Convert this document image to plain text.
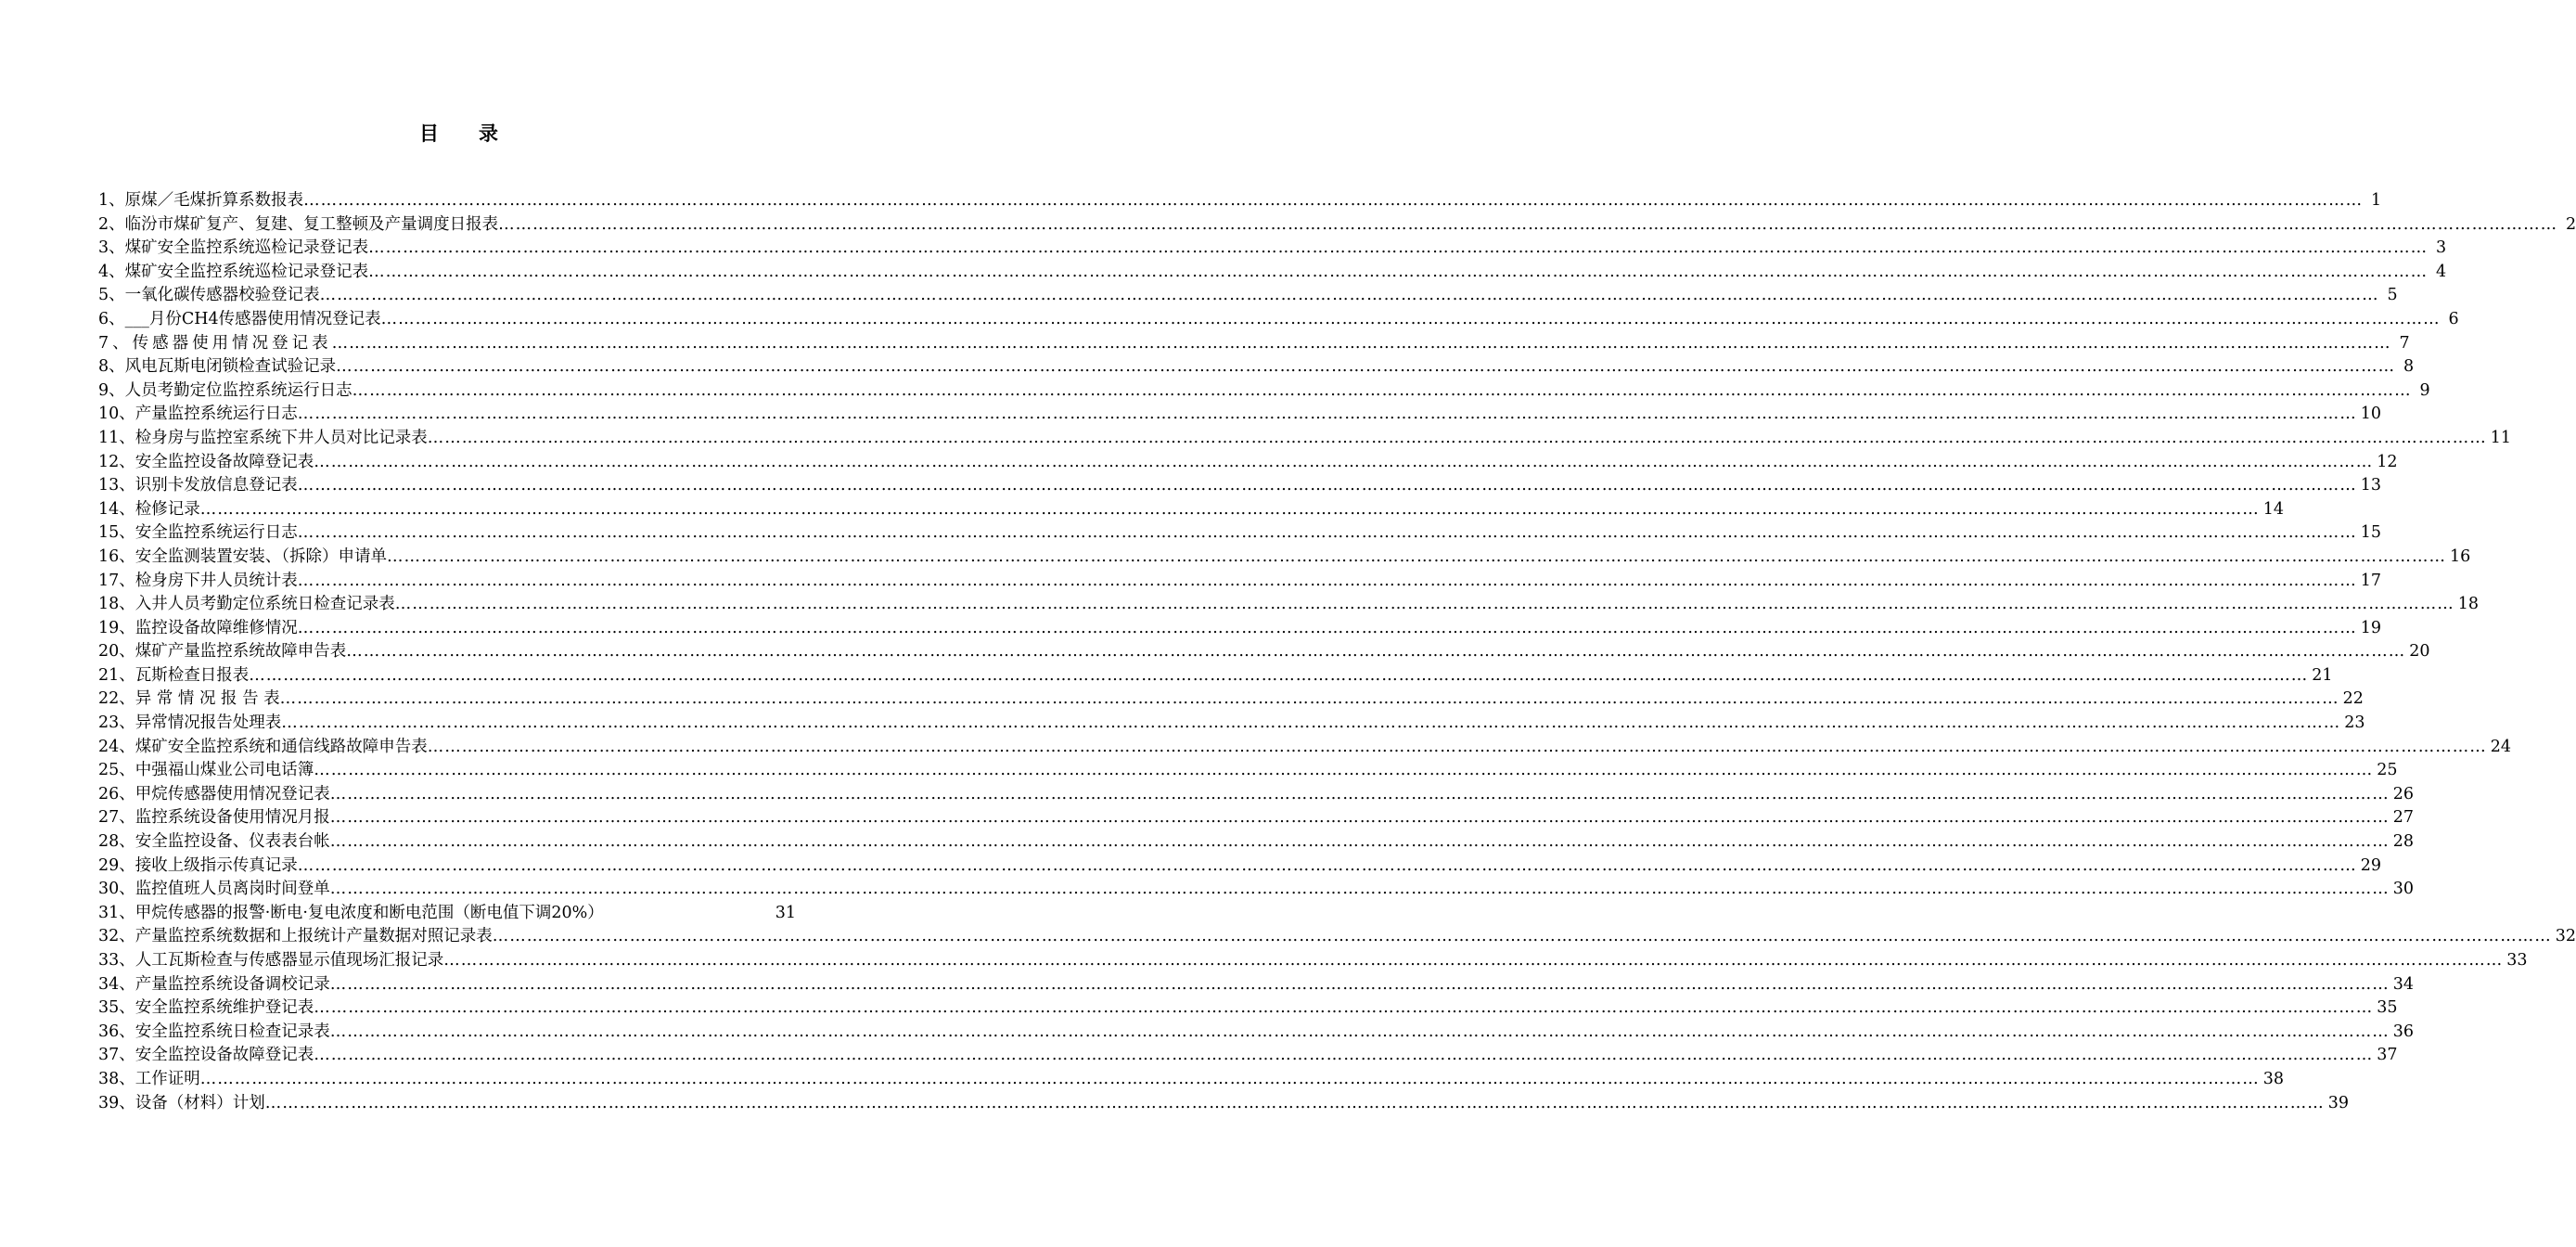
目 录
1、原煤／毛煤折算系数报表 ……………………………………………………………………………………………………………………………………………………………………………………………………………………………………………………………………………………………………………………………… 1
2、临汾市煤矿复产、复建、复工整顿及产量调度日报表 ……………………………………………………………………………………………………………………………………………………………………………………………………………………………………………………………………………………………………………………………… 2
3、煤矿安全监控系统巡检记录登记表 ……………………………………………………………………………………………………………………………………………………………………………………………………………………………………………………………………………………………………………………………… 3
4、煤矿安全监控系统巡检记录登记表 ……………………………………………………………………………………………………………………………………………………………………………………………………………………………………………………………………………………………………………………………… 4
5、一氧化碳传感器校验登记表 ……………………………………………………………………………………………………………………………………………………………………………………………………………………………………………………………………………………………………………………………… 5
6、___月份CH4传感器使用情况登记表 ……………………………………………………………………………………………………………………………………………………………………………………………………………………………………………………………………………………………………………………………… 6
7、传感器使用情况登记表 ……………………………………………………………………………………………………………………………………………………………………………………………………………………………………………………………………………………………………………………………… 7
8、风电瓦斯电闭锁检查试验记录 ……………………………………………………………………………………………………………………………………………………………………………………………………………………………………………………………………………………………………………………………… 8
9、人员考勤定位监控系统运行日志 ……………………………………………………………………………………………………………………………………………………………………………………………………………………………………………………………………………………………………………………………… 9
10、产量监控系统运行日志 ……………………………………………………………………………………………………………………………………………………………………………………………………………………………………………………………………………………………………………………………… 10
11、检身房与监控室系统下井人员对比记录表 ……………………………………………………………………………………………………………………………………………………………………………………………………………………………………………………………………………………………………………………………… 11
12、安全监控设备故障登记表 ……………………………………………………………………………………………………………………………………………………………………………………………………………………………………………………………………………………………………………………………… 12
13、识别卡发放信息登记表 ……………………………………………………………………………………………………………………………………………………………………………………………………………………………………………………………………………………………………………………………… 13
14、检修记录 ……………………………………………………………………………………………………………………………………………………………………………………………………………………………………………………………………………………………………………………………… 14
15、安全监控系统运行日志 ……………………………………………………………………………………………………………………………………………………………………………………………………………………………………………………………………………………………………………………………… 15
16、安全监测装置安装、（拆除）申请单 ……………………………………………………………………………………………………………………………………………………………………………………………………………………………………………………………………………………………………………………………… 16
17、检身房下井人员统计表 ……………………………………………………………………………………………………………………………………………………………………………………………………………………………………………………………………………………………………………………………… 17
18、入井人员考勤定位系统日检查记录表 ……………………………………………………………………………………………………………………………………………………………………………………………………………………………………………………………………………………………………………………………… 18
19、监控设备故障维修情况 ……………………………………………………………………………………………………………………………………………………………………………………………………………………………………………………………………………………………………………………………… 19
20、煤矿产量监控系统故障申告表 ……………………………………………………………………………………………………………………………………………………………………………………………………………………………………………………………………………………………………………………………… 20
21、瓦斯检查日报表 ……………………………………………………………………………………………………………………………………………………………………………………………………………………………………………………………………………………………………………………………… 21
22、异 常 情 况 报 告 表 ……………………………………………………………………………………………………………………………………………………………………………………………………………………………………………………………………………………………………………………………… 22
23、异常情况报告处理表 ……………………………………………………………………………………………………………………………………………………………………………………………………………………………………………………………………………………………………………………………… 23
24、煤矿安全监控系统和通信线路故障申告表 ……………………………………………………………………………………………………………………………………………………………………………………………………………………………………………………………………………………………………………………………… 24
25、中强福山煤业公司电话簿 ……………………………………………………………………………………………………………………………………………………………………………………………………………………………………………………………………………………………………………………………… 25
26、甲烷传感器使用情况登记表 ……………………………………………………………………………………………………………………………………………………………………………………………………………………………………………………………………………………………………………………………… 26
27、监控系统设备使用情况月报 ……………………………………………………………………………………………………………………………………………………………………………………………………………………………………………………………………………………………………………………………… 27
28、安全监控设备、仪表表台帐 ……………………………………………………………………………………………………………………………………………………………………………………………………………………………………………………………………………………………………………………………… 28
29、接收上级指示传真记录 ……………………………………………………………………………………………………………………………………………………………………………………………………………………………………………………………………………………………………………………………… 29
30、监控值班人员离岗时间登单 ……………………………………………………………………………………………………………………………………………………………………………………………………………………………………………………………………………………………………………………………… 30
31、甲烷传感器的报警·断电·复电浓度和断电范围（断电值下调20%）	31
32、产量监控系统数据和上报统计产量数据对照记录表 ……………………………………………………………………………………………………………………………………………………………………………………………………………………………………………………………………………………………………………………………… 32
33、人工瓦斯检查与传感器显示值现场汇报记录 ……………………………………………………………………………………………………………………………………………………………………………………………………………………………………………………………………………………………………………………………… 33
34、产量监控系统设备调校记录 ……………………………………………………………………………………………………………………………………………………………………………………………………………………………………………………………………………………………………………………………… 34
35、安全监控系统维护登记表 ……………………………………………………………………………………………………………………………………………………………………………………………………………………………………………………………………………………………………………………………… 35
36、安全监控系统日检查记录表 ……………………………………………………………………………………………………………………………………………………………………………………………………………………………………………………………………………………………………………………………… 36
37、安全监控设备故障登记表 ……………………………………………………………………………………………………………………………………………………………………………………………………………………………………………………………………………………………………………………………… 37
38、工作证明 ……………………………………………………………………………………………………………………………………………………………………………………………………………………………………………………………………………………………………………………………… 38
39、设备（材料）计划 ……………………………………………………………………………………………………………………………………………………………………………………………………………………………………………………………………………………………………………………………… 39
